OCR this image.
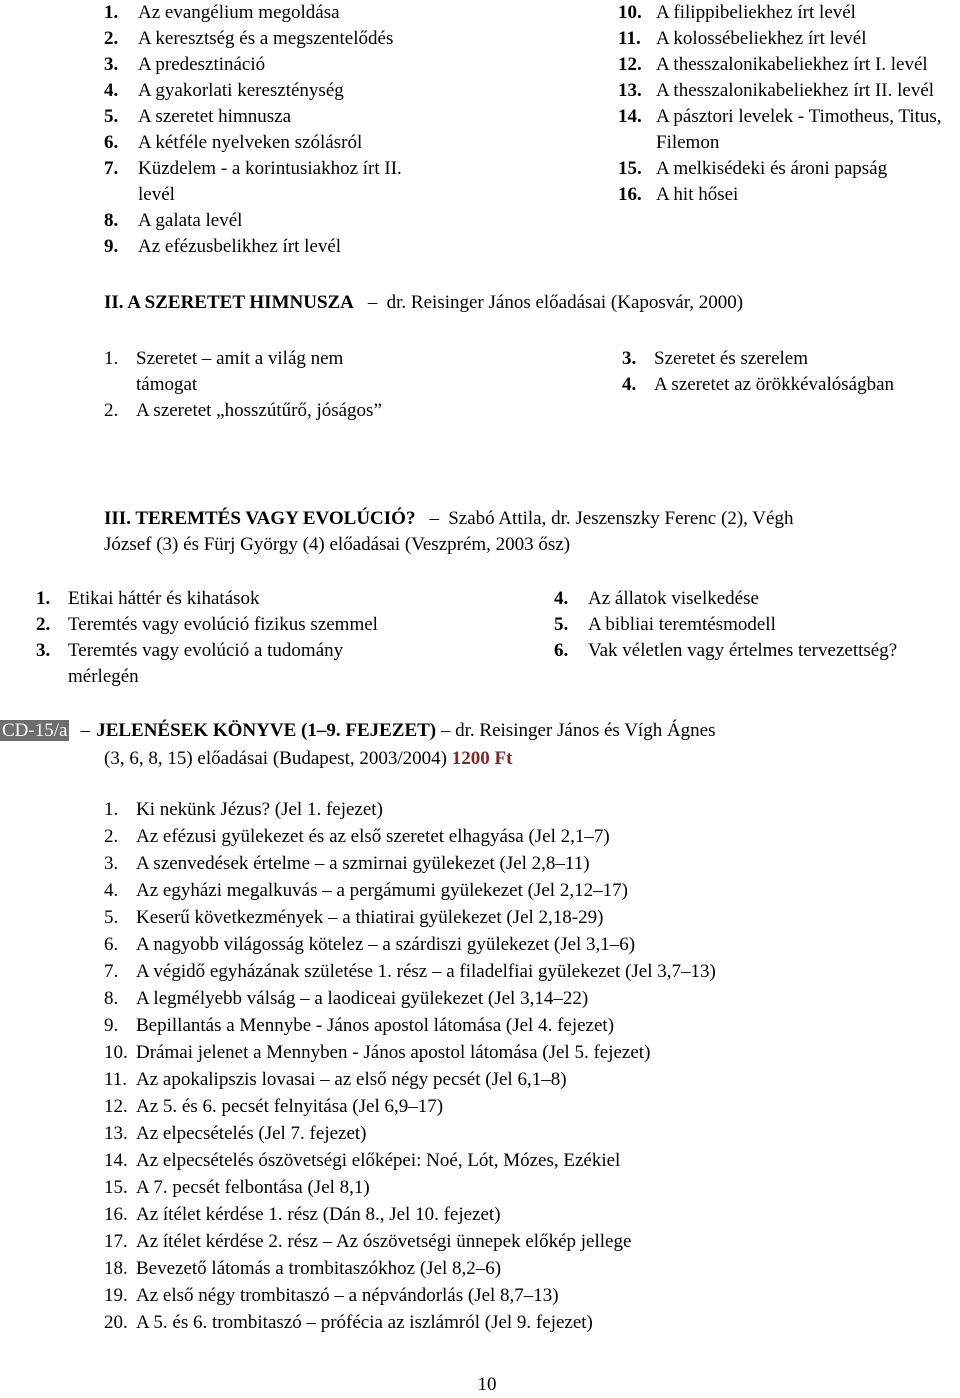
1.	Az evangélium megoldása
2.	A keresztség és a megszentelődés
3.	A predesztináció
4.	A gyakorlati kereszténység
5.	A szeretet himnusza
6.	A kétféle nyelveken szólásról
7.	Küzdelem - a korintusiakhoz írt II. levél
8.	A galata levél
9.	Az efézusbelikhez írt levél
10. A filippibeliekhez írt levél
11. A kolossébeliekhez írt levél
12. A thesszalonikabeliekhez írt I. levél
13. A thesszalonikabeliekhez írt II. levél
14. A pásztori levelek - Timotheus, Titus, Filemon
15. A melkisédeki és ároni papság
16. A hit hősei
II. A SZERETET HIMNUSZA – dr. Reisinger János előadásai (Kaposvár, 2000)
1. Szeretet – amit a világ nem támogat
2. A szeretet „hosszútűrő, jóságos”
3. Szeretet és szerelem
4. A szeretet az örökkévalóságban
III. TEREMTÉS VAGY EVOLÚCIÓ? – Szabó Attila, dr. Jeszenszky Ferenc (2), Végh
József (3) és Fürj György (4) előadásai (Veszprém, 2003 ősz)
1. Etikai háttér és kihatások
2. Teremtés vagy evolúció fizikus szemmel
3. Teremtés vagy evolúció a tudomány mérlegén
4.	Az állatok viselkedése
5.	A bibliai teremtésmodell
6.	Vak véletlen vagy értelmes tervezettség?
CD-15/a – JELENÉSEK KÖNYVE (1–9. FEJEZET) – dr. Reisinger János és Vígh Ágnes
(3, 6, 8, 15) előadásai (Budapest, 2003/2004) 1200 Ft
1. Ki nekünk Jézus? (Jel 1. fejezet)
2. Az efézusi gyülekezet és az első szeretet elhagyása (Jel 2,1–7)
3. A szenvedések értelme – a szmirnai gyülekezet (Jel 2,8–11)
4. Az egyházi megalkuvás – a pergámumi gyülekezet (Jel 2,12–17)
5. Keserű következmények – a thiatirai gyülekezet (Jel 2,18-29)
6. A nagyobb világosság kötelez – a szárdiszi gyülekezet (Jel 3,1–6)
7. A végidő egyházának születése 1. rész – a filadelfiai gyülekezet (Jel 3,7–13)
8. A legmélyebb válság – a laodiceai gyülekezet (Jel 3,14–22)
9. Bepillantás a Mennybe - János apostol látomása (Jel 4. fejezet)
10. Drámai jelenet a Mennyben - János apostol látomása (Jel 5. fejezet)
11. Az apokalipszis lovasai – az első négy pecsét (Jel 6,1–8)
12. Az 5. és 6. pecsét felnyitása (Jel 6,9–17)
13. Az elpecsételés (Jel 7. fejezet)
14. Az elpecsételés ószövetségi előképei: Noé, Lót, Mózes, Ezékiel
15. A 7. pecsét felbontása (Jel 8,1)
16. Az ítélet kérdése 1. rész (Dán 8., Jel 10. fejezet)
17. Az ítélet kérdése 2. rész – Az ószövetségi ünnepek előkép jellege
18. Bevezető látomás a trombitaszókhoz (Jel 8,2–6)
19. Az első négy trombitaszó – a népvándorlás (Jel 8,7–13)
20. A 5. és 6. trombitaszó – prófécia az iszlámról (Jel 9. fejezet)
10
